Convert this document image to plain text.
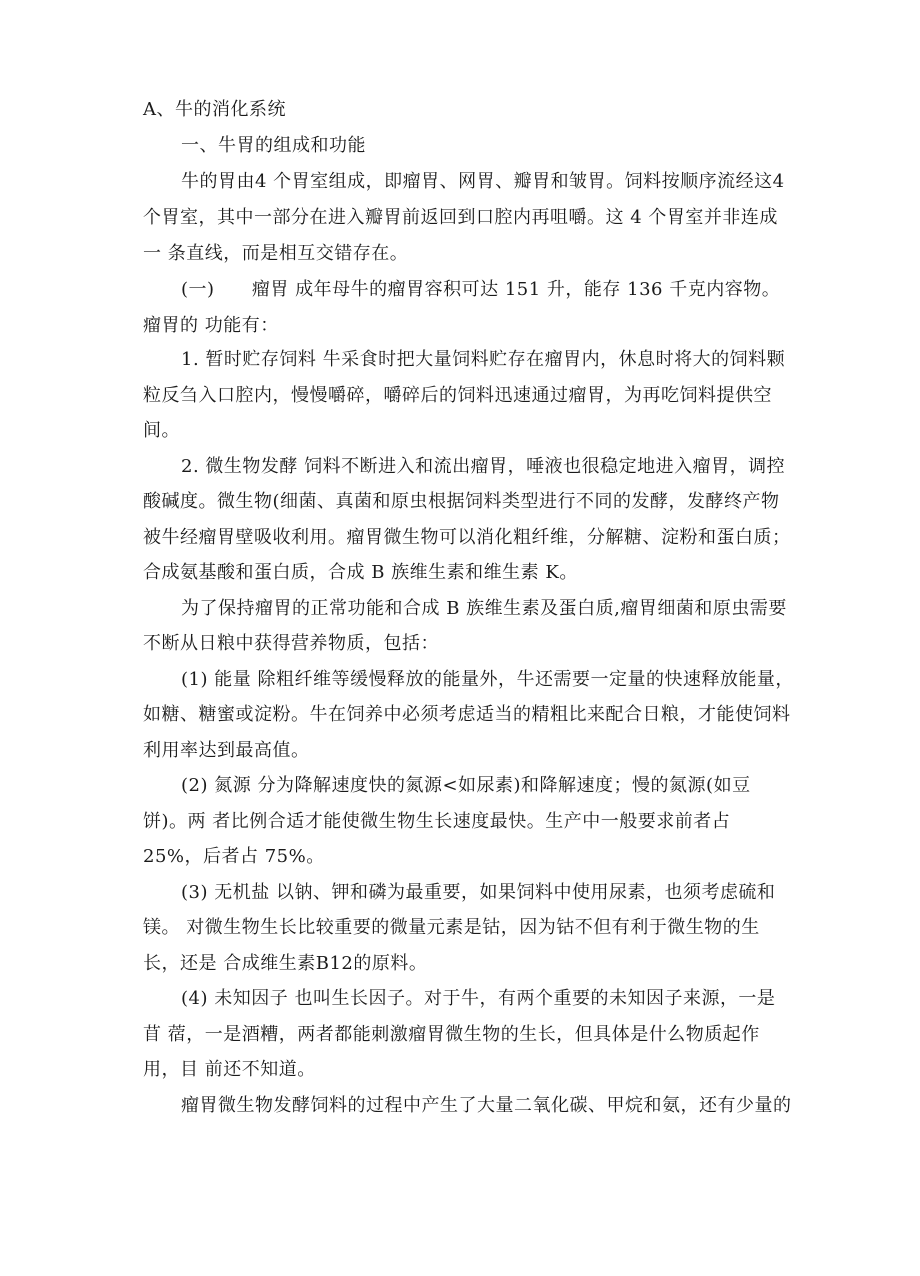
A、牛的消化系统
一、牛胃的组成和功能
牛的胃由4 个胃室组成，即瘤胃、网胃、瓣胃和皱胃。饲料按顺序流经这4
个胃室，其中一部分在进入瓣胃前返回到口腔内再咀嚼。这 4 个胃室并非连成
一 条直线，而是相互交错存在。
(一)      瘤胃 成年母牛的瘤胃容积可达 151 升，能存 136 千克内容物。
瘤胃的 功能有：
1. 暂时贮存饲料 牛采食时把大量饲料贮存在瘤胃内，休息时将大的饲料颗
粒反刍入口腔内，慢慢嚼碎，嚼碎后的饲料迅速通过瘤胃，为再吃饲料提供空
间。
2. 微生物发酵 饲料不断进入和流出瘤胃，唾液也很稳定地进入瘤胃，调控
酸碱度。微生物(细菌、真菌和原虫根据饲料类型进行不同的发酵，发酵终产物
被牛经瘤胃壁吸收利用。瘤胃微生物可以消化粗纤维，分解糖、淀粉和蛋白质；
合成氨基酸和蛋白质，合成 B 族维生素和维生素 K。
为了保持瘤胃的正常功能和合成 B 族维生素及蛋白质,瘤胃细菌和原虫需要
不断从日粮中获得营养物质，包括：
(1) 能量 除粗纤维等缓慢释放的能量外，牛还需要一定量的快速释放能量，
如糖、糖蜜或淀粉。牛在饲养中必须考虑适当的精粗比来配合日粮，才能使饲料
利用率达到最高值。
(2) 氮源 分为降解速度快的氮源<如尿素)和降解速度；慢的氮源(如豆
饼)。两 者比例合适才能使微生物生长速度最快。生产中一般要求前者占
25%，后者占 75%。
(3) 无机盐 以钠、钾和磷为最重要，如果饲料中使用尿素，也须考虑硫和
镁。 对微生物生长比较重要的微量元素是钴，因为钴不但有利于微生物的生
长，还是 合成维生素B12的原料。
(4) 未知因子 也叫生长因子。对于牛，有两个重要的未知因子来源，一是
苜 蓿，一是酒糟，两者都能刺激瘤胃微生物的生长，但具体是什么物质起作
用，目 前还不知道。
瘤胃微生物发酵饲料的过程中产生了大量二氧化碳、甲烷和氨，还有少量的
